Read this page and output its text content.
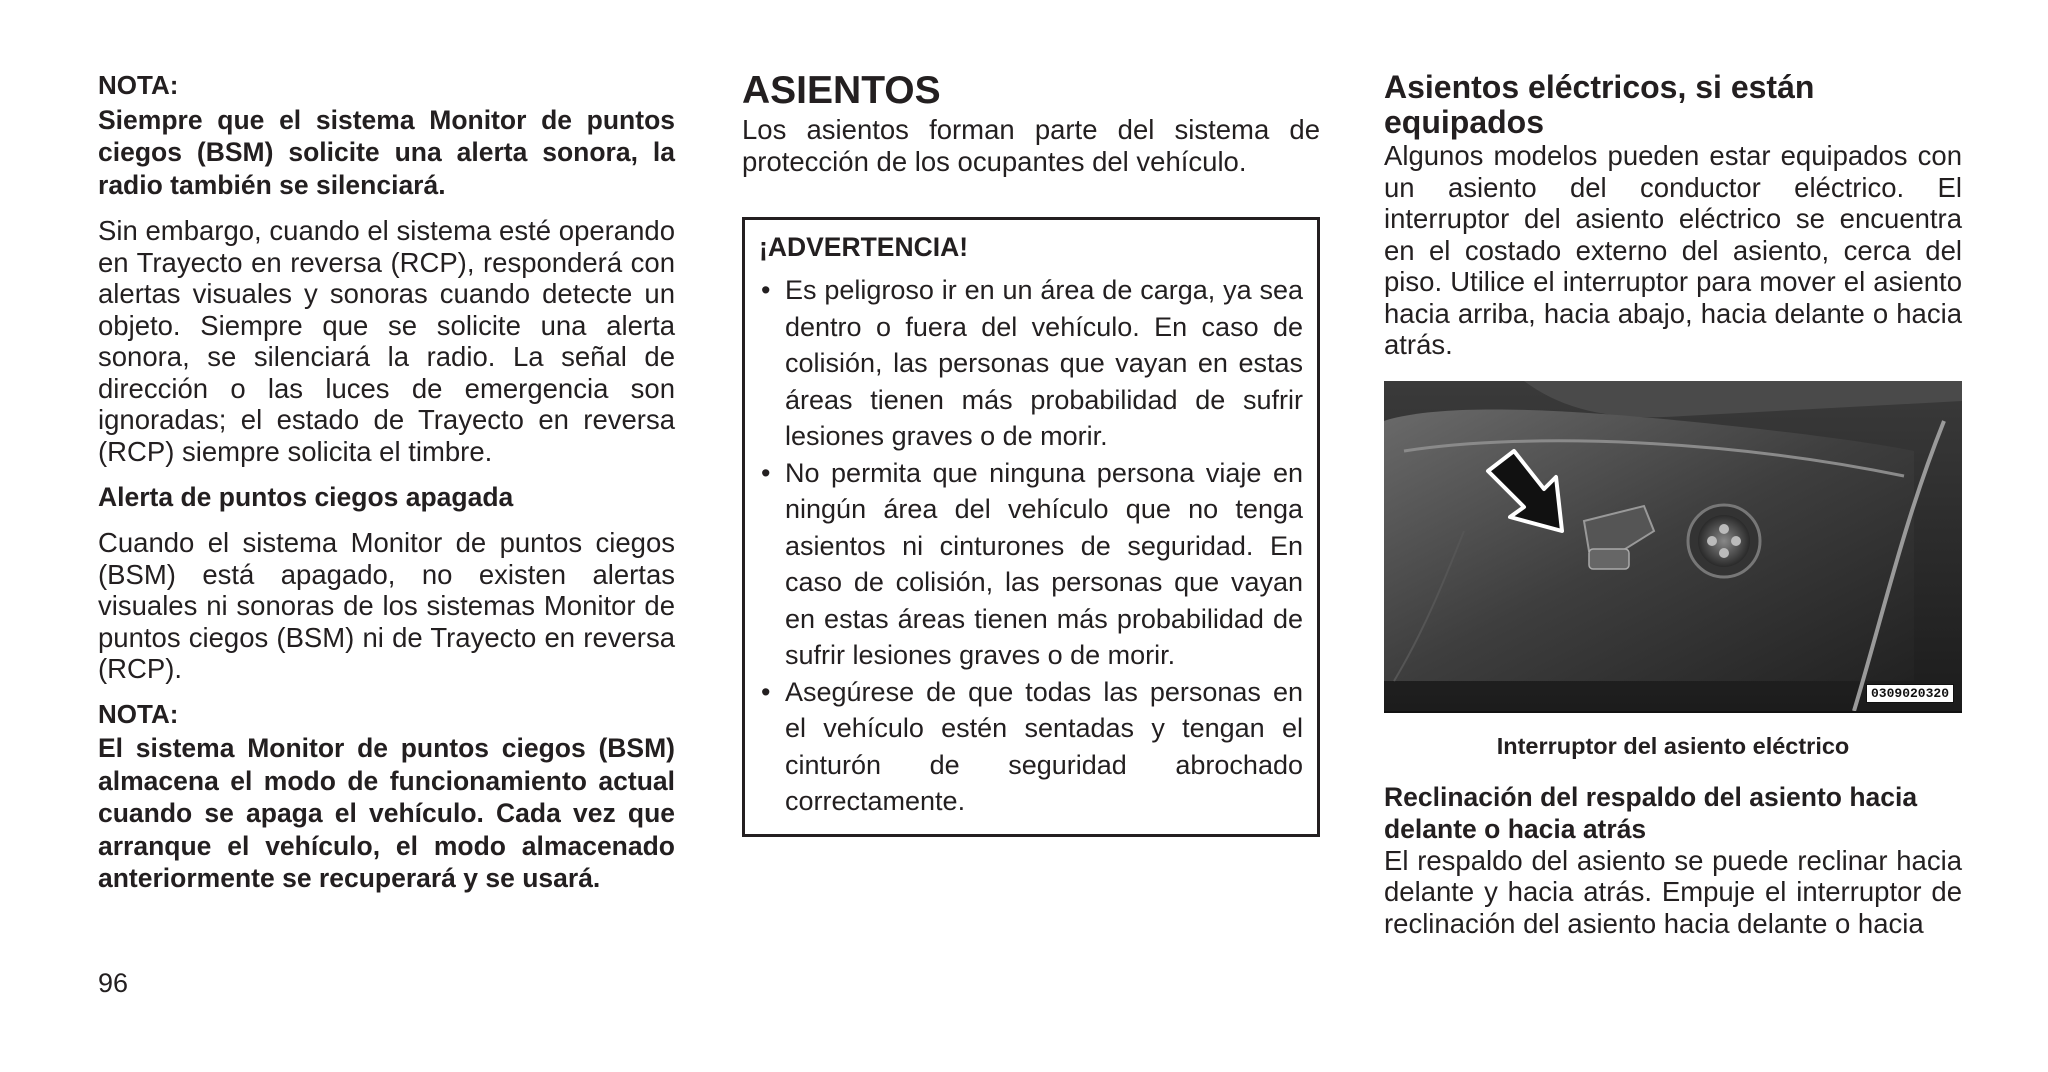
NOTA:

Siempre que el sistema Monitor de puntos ciegos (BSM) solicite una alerta sonora, la radio también se silenciará.

Sin embargo, cuando el sistema esté operando en Trayecto en reversa (RCP), responderá con alertas visuales y sonoras cuando detecte un objeto. Siempre que se solicite una alerta sonora, se silenciará la radio. La señal de dirección o las luces de emergencia son ignoradas; el estado de Trayecto en reversa (RCP) siempre solicita el timbre.

Alerta de puntos ciegos apagada

Cuando el sistema Monitor de puntos ciegos (BSM) está apagado, no existen alertas visuales ni sonoras de los sistemas Monitor de puntos ciegos (BSM) ni de Trayecto en reversa (RCP).

NOTA:

El sistema Monitor de puntos ciegos (BSM) almacena el modo de funcionamiento actual cuando se apaga el vehículo. Cada vez que arranque el vehículo, el modo almacenado anteriormente se recuperará y se usará.

ASIENTOS

Los asientos forman parte del sistema de protección de los ocupantes del vehículo.

¡ADVERTENCIA!
• Es peligroso ir en un área de carga, ya sea dentro o fuera del vehículo. En caso de colisión, las personas que vayan en estas áreas tienen más probabilidad de sufrir lesiones graves o de morir.
• No permita que ninguna persona viaje en ningún área del vehículo que no tenga asientos ni cinturones de seguridad. En caso de colisión, las personas que vayan en estas áreas tienen más probabilidad de sufrir lesiones graves o de morir.
• Asegúrese de que todas las personas en el vehículo estén sentadas y tengan el cinturón de seguridad abrochado correctamente.
Asientos eléctricos, si están equipados

Algunos modelos pueden estar equipados con un asiento del conductor eléctrico. El interruptor del asiento eléctrico se encuentra en el costado externo del asiento, cerca del piso. Utilice el interruptor para mover el asiento hacia arriba, hacia abajo, hacia delante o hacia atrás.

0309020320
Interruptor del asiento eléctrico

Reclinación del respaldo del asiento hacia delante o hacia atrás

El respaldo del asiento se puede reclinar hacia delante y hacia atrás. Empuje el interruptor de reclinación del asiento hacia delante o hacia

96
